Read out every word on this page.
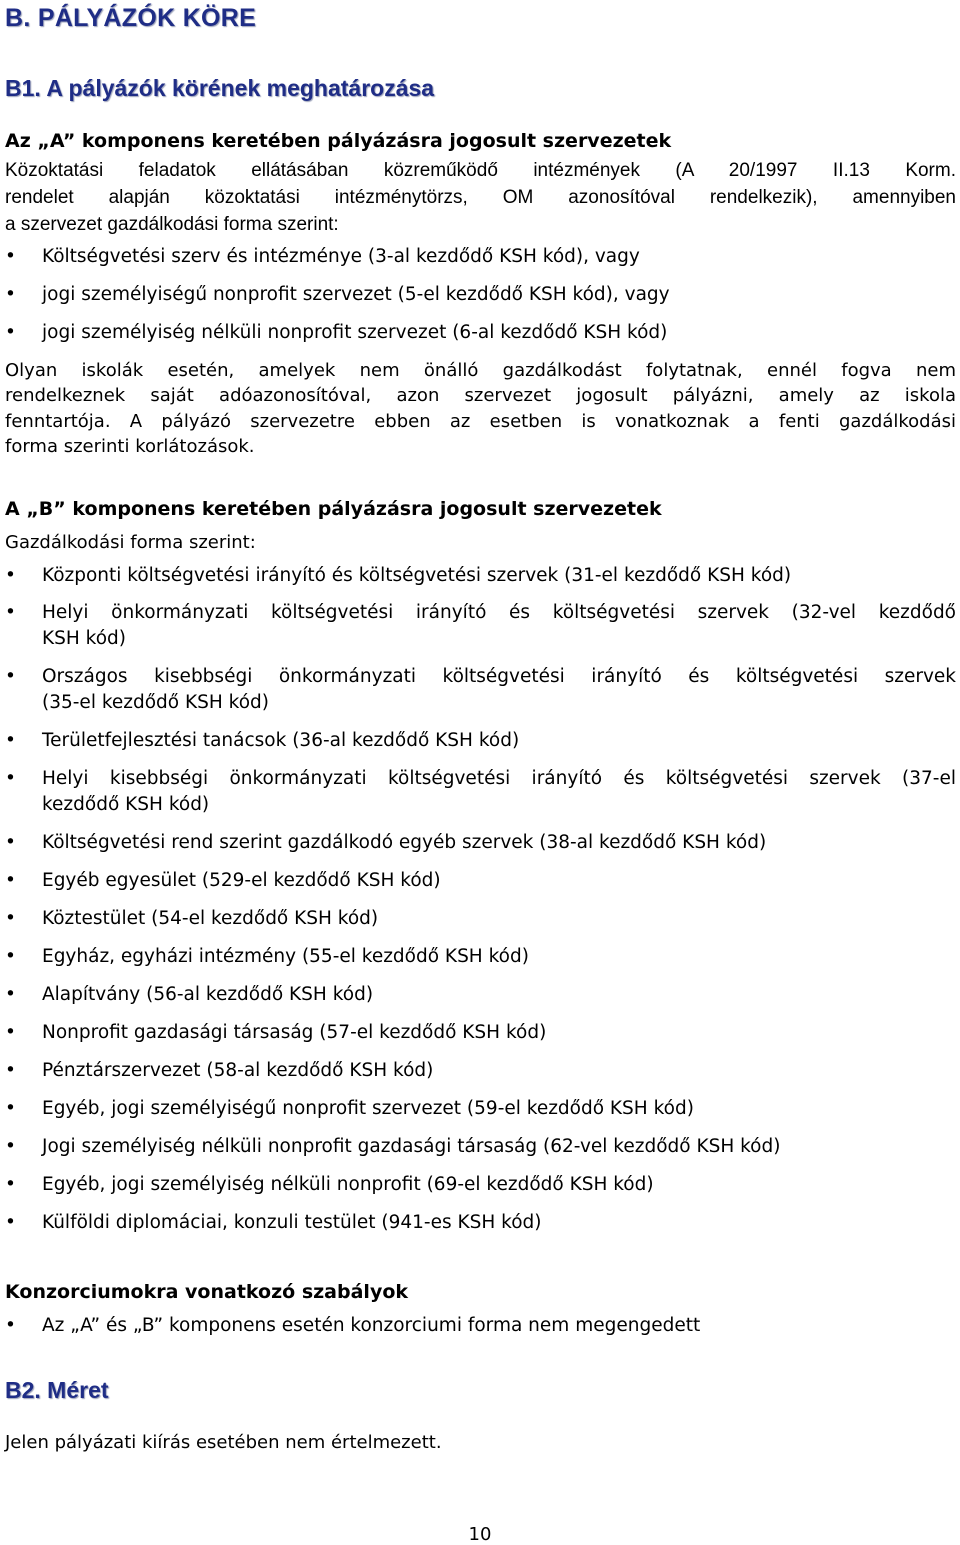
B. PÁLYÁZÓK KÖRE
B1. A pályázók körének meghatározása
Az „A” komponens keretében pályázásra jogosult szervezetek
Közoktatási feladatok ellátásában közreműködő intézmények (A 20/1997 II.13 Korm.
rendelet alapján közoktatási intézménytörzs, OM azonosítóval rendelkezik), amennyiben
a szervezet gazdálkodási forma szerint:
• Költségvetési szerv és intézménye (3-al kezdődő KSH kód), vagy
• jogi személyiségű nonprofit szervezet (5-el kezdődő KSH kód), vagy
• jogi személyiség nélküli nonprofit szervezet (6-al kezdődő KSH kód)
Olyan iskolák esetén, amelyek nem önálló gazdálkodást folytatnak, ennél fogva nem
rendelkeznek saját adóazonosítóval, azon szervezet jogosult pályázni, amely az iskola
fenntartója. A pályázó szervezetre ebben az esetben is vonatkoznak a fenti gazdálkodási
forma szerinti korlátozások.
A „B” komponens keretében pályázásra jogosult szervezetek
Gazdálkodási forma szerint:
• Központi költségvetési irányító és költségvetési szervek (31-el kezdődő KSH kód)
• Helyi önkormányzati költségvetési irányító és költségvetési szervek (32-vel kezdődő
KSH kód)
• Országos kisebbségi önkormányzati költségvetési irányító és költségvetési szervek
(35-el kezdődő KSH kód)
• Területfejlesztési tanácsok (36-al kezdődő KSH kód)
• Helyi kisebbségi önkormányzati költségvetési irányító és költségvetési szervek (37-el
kezdődő KSH kód)
• Költségvetési rend szerint gazdálkodó egyéb szervek (38-al kezdődő KSH kód)
• Egyéb egyesület (529-el kezdődő KSH kód)
• Köztestület (54-el kezdődő KSH kód)
• Egyház, egyházi intézmény (55-el kezdődő KSH kód)
• Alapítvány (56-al kezdődő KSH kód)
• Nonprofit gazdasági társaság (57-el kezdődő KSH kód)
• Pénztárszervezet (58-al kezdődő KSH kód)
• Egyéb, jogi személyiségű nonprofit szervezet (59-el kezdődő KSH kód)
• Jogi személyiség nélküli nonprofit gazdasági társaság (62-vel kezdődő KSH kód)
• Egyéb, jogi személyiség nélküli nonprofit (69-el kezdődő KSH kód)
• Külföldi diplomáciai, konzuli testület (941-es KSH kód)
Konzorciumokra vonatkozó szabályok
• Az „A” és „B” komponens esetén konzorciumi forma nem megengedett
B2. Méret
Jelen pályázati kiírás esetében nem értelmezett.
10
